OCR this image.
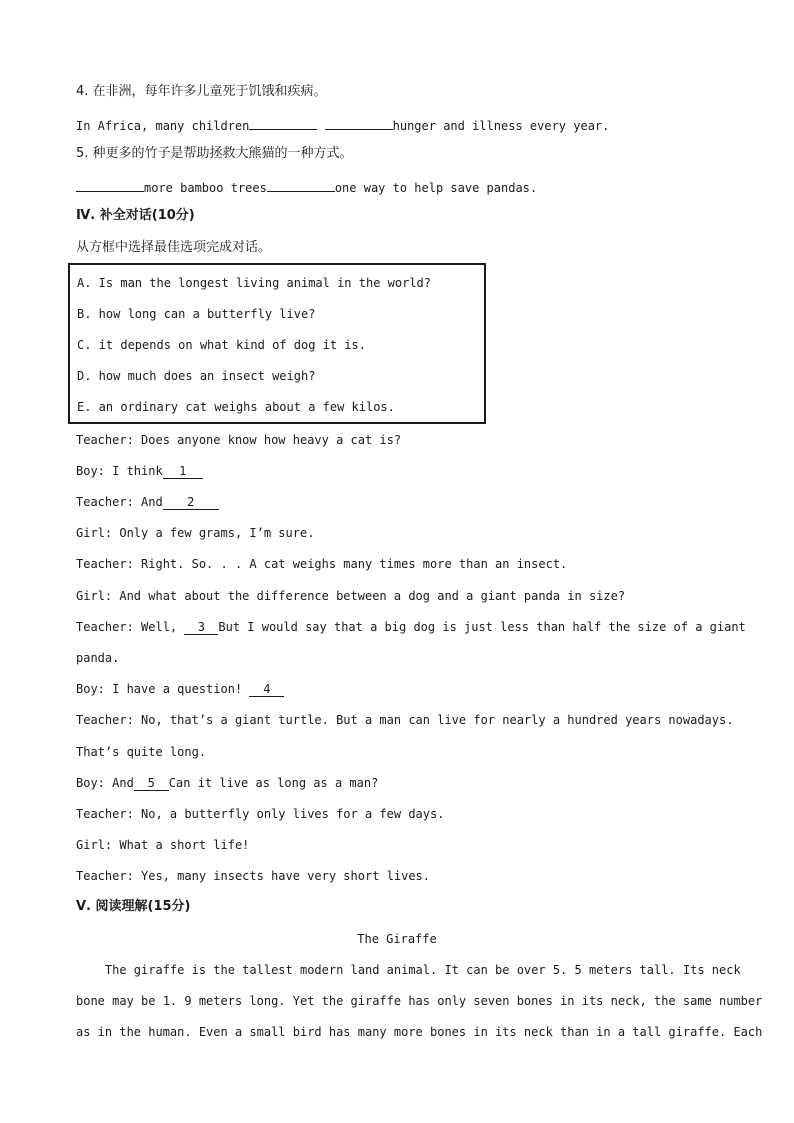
4. 在非洲，每年许多儿童死于饥饿和疾病。
In Africa, many children	hunger and illness every year.
5. 种更多的竹子是帮助拯救大熊猫的一种方式。
more bamboo trees	one way to help save pandas.
Ⅳ. 补全对话(10分)
从方框中选择最佳选项完成对话。
A. Is man the longest living animal in the world?
B. how long can a butterfly live?
C. it depends on what kind of dog it is.
D. how much does an insect weigh?
E. an ordinary cat weighs about a few kilos.
Teacher: Does anyone know how heavy a cat is?
Boy: I think 1
Teacher: And 2
Girl: Only a few grams, I’m sure.
Teacher: Right. So. . . A cat weighs many times more than an insect.
Girl: And what about the difference between a dog and a giant panda in size?
Teacher: Well, 3 But I would say that a big dog is just less than half the size of a giant
panda.
Boy: I have a question! 4
Teacher: No, that’s a giant turtle. But a man can live for nearly a hundred years nowadays.
That’s quite long.
Boy: And 5 Can it live as long as a man?
Teacher: No, a butterfly only lives for a few days.
Girl: What a short life!
Teacher: Yes, many insects have very short lives.
Ⅴ. 阅读理解(15分)
The Giraffe
The giraffe is the tallest modern land animal. It can be over 5. 5 meters tall. Its neck
bone may be 1. 9 meters long. Yet the giraffe has only seven bones in its neck, the same number
as in the human. Even a small bird has many more bones in its neck than in a tall giraffe. Each
